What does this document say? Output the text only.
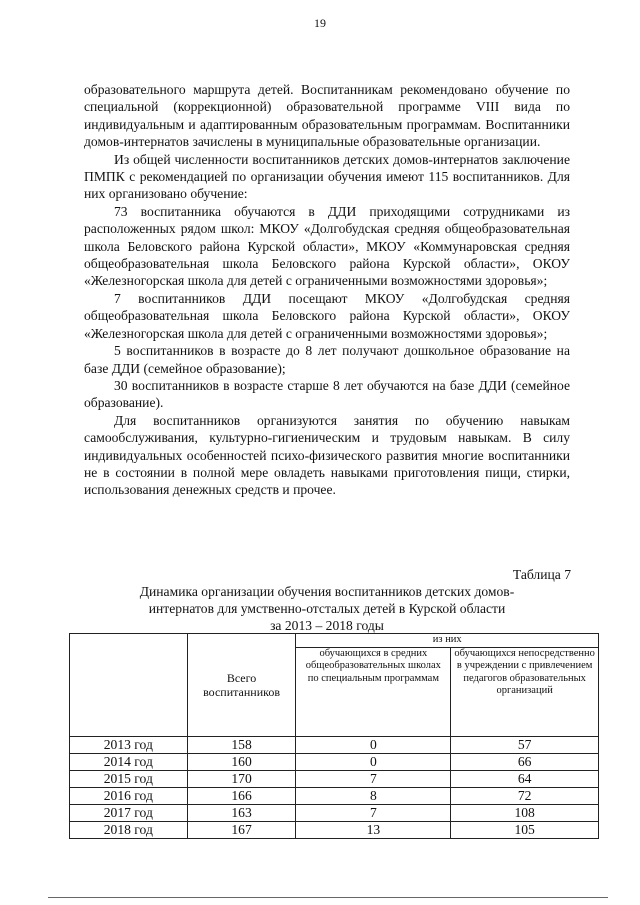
19

образовательного маршрута детей. Воспитанникам рекомендовано обучение по специальной (коррекционной) образовательной программе VIII вида по индивидуальным и адаптированным образовательным программам. Воспитанники домов-интернатов зачислены в муниципальные образовательные организации.

Из общей численности воспитанников детских домов-интернатов заключение ПМПК с рекомендацией по организации обучения имеют 115 воспитанников. Для них организовано обучение:

73 воспитанника обучаются в ДДИ приходящими сотрудниками из расположенных рядом школ: МКОУ «Долгобудская средняя общеобразовательная школа Беловского района Курской области», МКОУ «Коммунаровская средняя общеобразовательная школа Беловского района Курской области», ОКОУ «Железногорская школа для детей с ограниченными возможностями здоровья»;

7 воспитанников ДДИ посещают МКОУ «Долгобудская средняя общеобразовательная школа Беловского района Курской области», ОКОУ «Железногорская школа для детей с ограниченными возможностями здоровья»;

5 воспитанников в возрасте до 8 лет получают дошкольное образование на базе ДДИ (семейное образование);

30 воспитанников в возрасте старше 8 лет обучаются на базе ДДИ (семейное образование).

Для воспитанников организуются занятия по обучению навыкам самообслуживания, культурно-гигиеническим и трудовым навыкам. В силу индивидуальных особенностей психо-физического развития многие воспитанники не в состоянии в полной мере овладеть навыками приготовления пищи, стирки, использования денежных средств и прочее.

Таблица 7
Динамика организации обучения воспитанников детских домов-
интернатов для умственно-отсталых детей в Курской области
за 2013 – 2018 годы
	Всего воспитанников	из них	
		обучающихся в средних общеобразовательных школах по специальным программам	обучающихся непосредственно в учреждении с привлечением педагогов образовательных организаций
2013 год	158	0	57
2014 год	160	0	66
2015 год	170	7	64
2016 год	166	8	72
2017 год	163	7	108
2018 год	167	13	105
